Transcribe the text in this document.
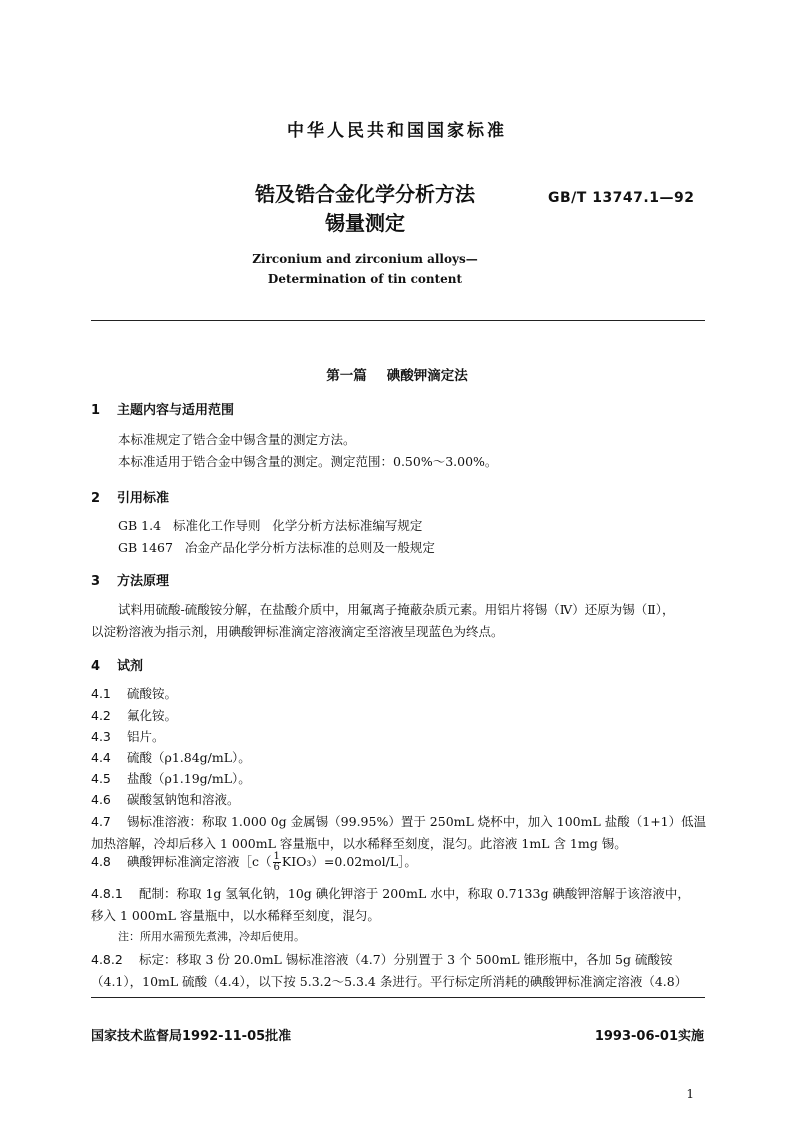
中华人民共和国国家标准
锆及锆合金化学分析方法
锡量测定
GB/T 13747.1—92
Zirconium and zirconium alloys—
Determination of tin content
第一篇 碘酸钾滴定法
1 主题内容与适用范围
本标准规定了锆合金中锡含量的测定方法。
本标准适用于锆合金中锡含量的测定。测定范围：0.50%～3.00%。
2 引用标准
GB 1.4   标准化工作导则   化学分析方法标准编写规定
GB 1467   冶金产品化学分析方法标准的总则及一般规定
3 方法原理
试料用硫酸-硫酸铵分解，在盐酸介质中，用氟离子掩蔽杂质元素。用铝片将锡（Ⅳ）还原为锡（Ⅱ），
以淀粉溶液为指示剂，用碘酸钾标准滴定溶液滴定至溶液呈现蓝色为终点。
4 试剂
4.1 硫酸铵。
4.2 氟化铵。
4.3 铝片。
4.4 硫酸（ρ1.84g/mL）。
4.5 盐酸（ρ1.19g/mL）。
4.6 碳酸氢钠饱和溶液。
4.7 锡标准溶液：称取 1.000 0g 金属锡（99.95%）置于 250mL 烧杯中，加入 100mL 盐酸（1+1）低温
加热溶解，冷却后移入 1 000mL 容量瓶中，以水稀释至刻度，混匀。此溶液 1mL 含 1mg 锡。
4.8 碘酸钾标准滴定溶液［c（ $\frac{1}{6}$ KIO₃）=0.02mol/L］。
4.8.1 配制：称取 1g 氢氧化钠，10g 碘化钾溶于 200mL 水中，称取 0.7133g 碘酸钾溶解于该溶液中，
移入 1 000mL 容量瓶中，以水稀释至刻度，混匀。
注：所用水需预先煮沸，冷却后使用。
4.8.2 标定：移取 3 份 20.0mL 锡标准溶液（4.7）分别置于 3 个 500mL 锥形瓶中，各加 5g 硫酸铵
（4.1），10mL 硫酸（4.4），以下按 5.3.2～5.3.4 条进行。平行标定所消耗的碘酸钾标准滴定溶液（4.8）
国家技术监督局1992-11-05批准	1993-06-01实施
1
